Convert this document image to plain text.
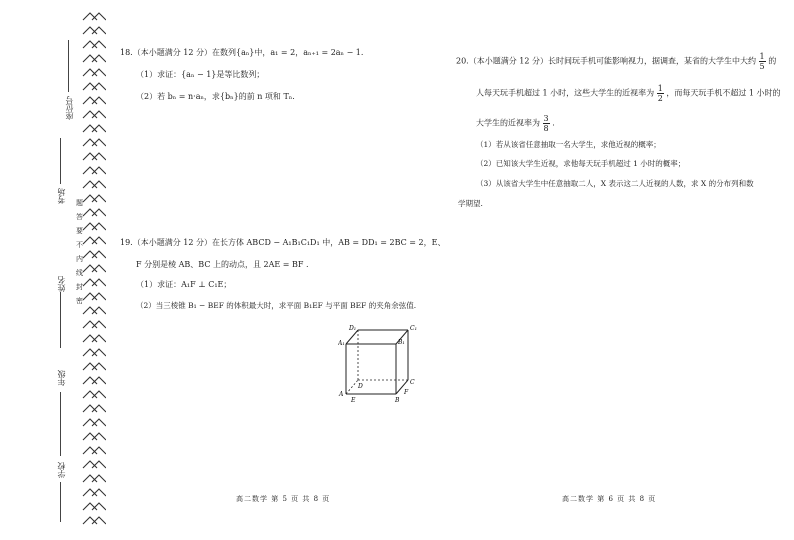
座位号
考场
姓名
年级
学校
题
答
要
不
内
线
封
密
18.（本小题满分 12 分）在数列{aₙ}中，a₁ = 2，aₙ₊₁ = 2aₙ − 1.
（1）求证：{aₙ − 1}是等比数列；
（2）若 bₙ = n·aₙ，求{bₙ}的前 n 项和 Tₙ.
19.（本小题满分 12 分）在长方体 ABCD − A₁B₁C₁D₁ 中，AB = DD₁ = 2BC = 2，E、
F 分别是棱 AB、BC 上的动点，且 2AE = BF .
（1）求证：A₁F ⊥ C₁E；
（2）当三棱锥 B₁ − BEF 的体积最大时，求平面 B₁EF 与平面 BEF 的夹角余弦值.
D₁	C₁
A₁	B₁
D
C
A
B
E
F
高二数学 第 5 页 共 8 页
20.（本小题满分 12 分）长时间玩手机可能影响视力，据调查，某省的大学生中大约 $\frac{1}{5}$ 的
人每天玩手机超过 1 小时，这些大学生的近视率为 $\frac{1}{2}$ ，而每天玩手机不超过 1 小时的
大学生的近视率为 $\frac{3}{8}$ .
（1）若从该省任意抽取一名大学生，求他近视的概率；
（2）已知该大学生近视，求他每天玩手机超过 1 小时的概率；
（3）从该省大学生中任意抽取二人，X 表示这二人近视的人数，求 X 的分布列和数
学期望.
高二数学 第 6 页 共 8 页
